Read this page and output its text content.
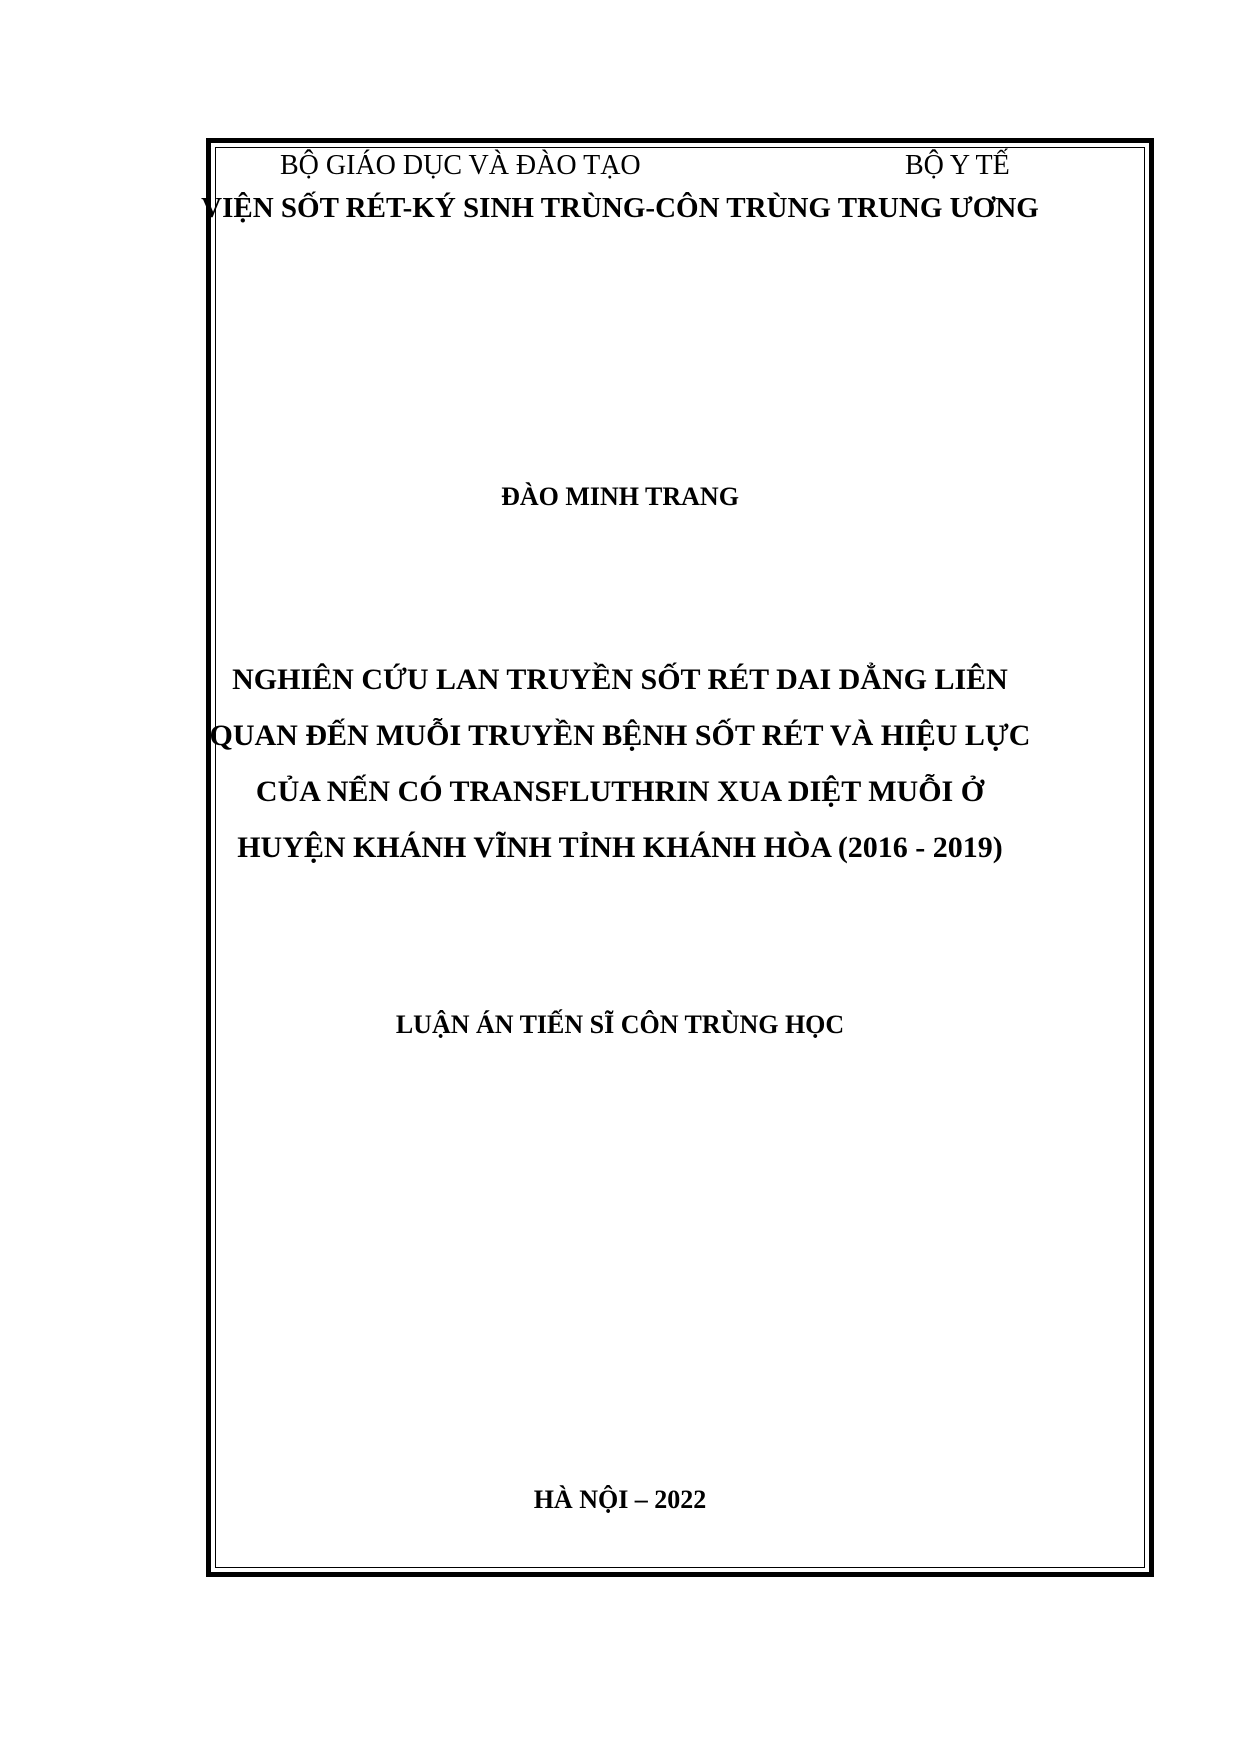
BỘ GIÁO DỤC VÀ ĐÀO TẠO	BỘ Y TẾ
VIỆN SỐT RÉT-KÝ SINH TRÙNG-CÔN TRÙNG TRUNG ƯƠNG
ĐÀO MINH TRANG
NGHIÊN CỨU LAN TRUYỀN SỐT RÉT DAI DẲNG LIÊN
QUAN ĐẾN MUỖI TRUYỀN BỆNH SỐT RÉT VÀ HIỆU LỰC
CỦA NẾN CÓ TRANSFLUTHRIN XUA DIỆT MUỖI Ở
HUYỆN KHÁNH VĨNH TỈNH KHÁNH HÒA (2016 - 2019)
LUẬN ÁN TIẾN SĨ CÔN TRÙNG HỌC
HÀ NỘI – 2022
